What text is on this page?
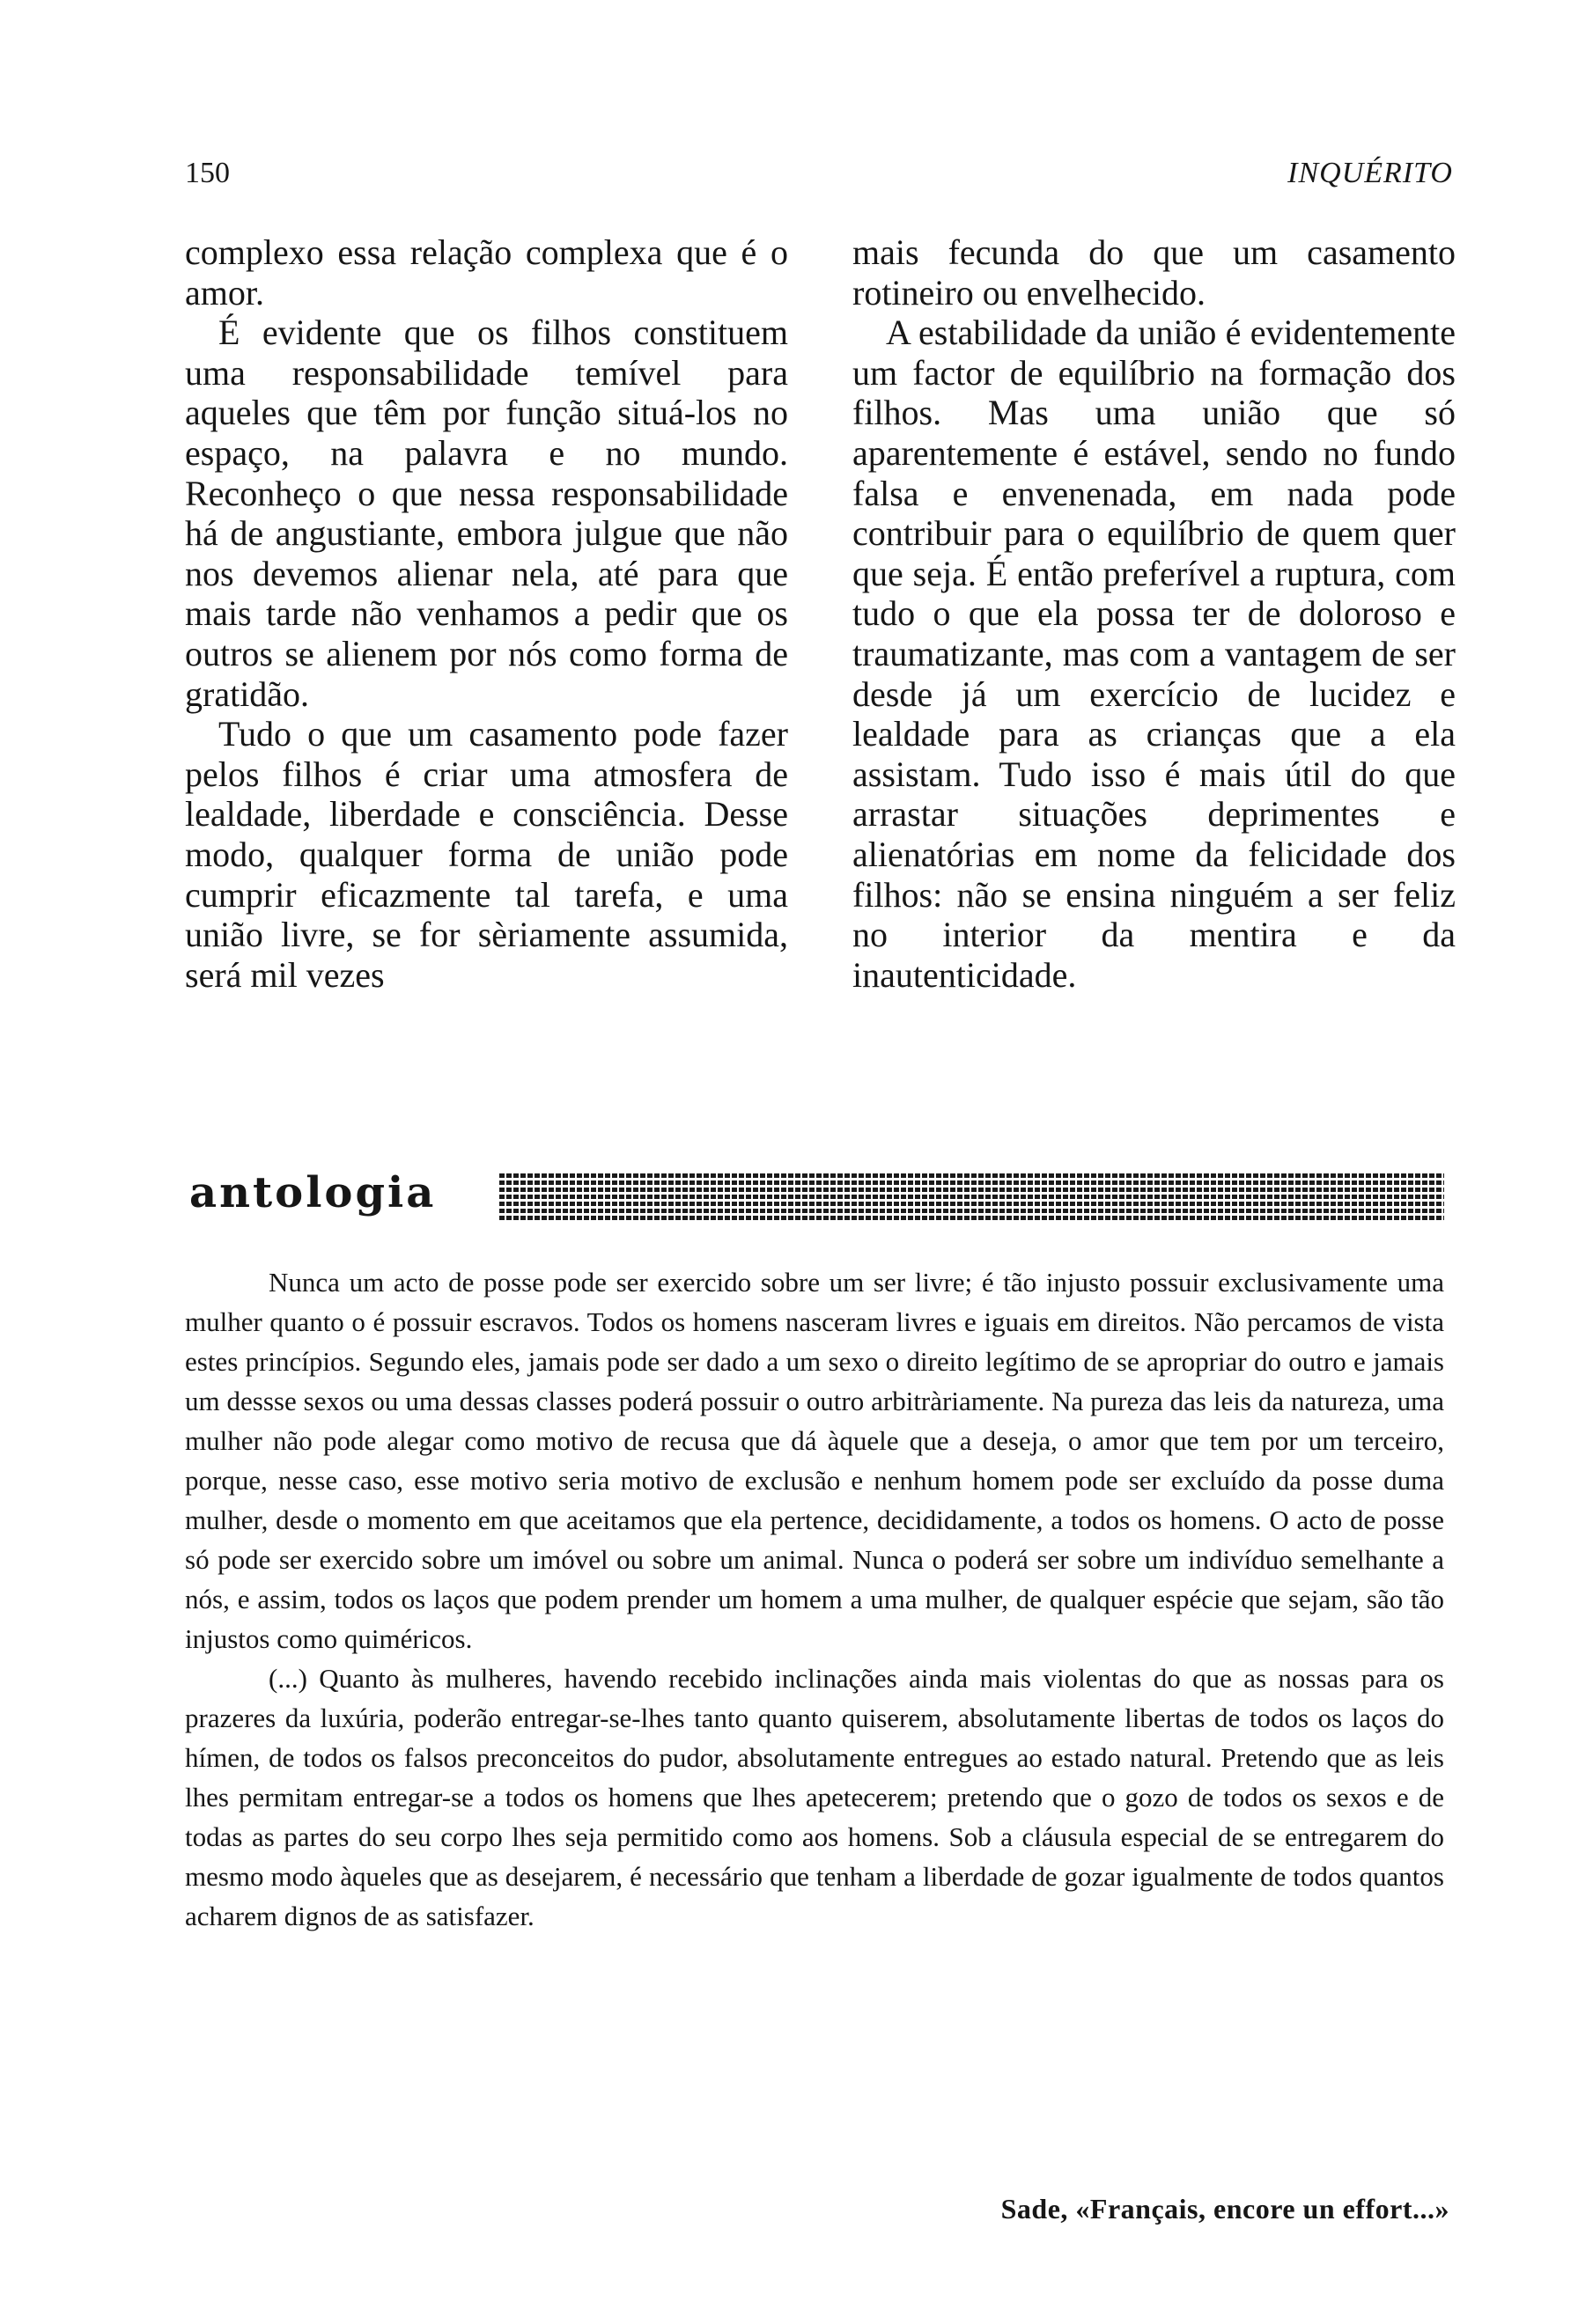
150	INQUÉRITO

complexo essa relação complexa que é o amor.

É evidente que os filhos constituem uma responsabilidade temível para aqueles que têm por função situá-los no espaço, na palavra e no mundo. Reconheço o que nessa responsabilidade há de angustiante, embora julgue que não nos devemos alienar nela, até para que mais tarde não venhamos a pedir que os outros se alienem por nós como forma de gratidão.

Tudo o que um casamento pode fazer pelos filhos é criar uma atmosfera de lealdade, liberdade e consciência. Desse modo, qualquer forma de união pode cumprir eficazmente tal tarefa, e uma união livre, se for sèriamente assumida, será mil vezes

mais fecunda do que um casamento rotineiro ou envelhecido.

A estabilidade da união é evidentemente um factor de equilíbrio na formação dos filhos. Mas uma união que só aparentemente é estável, sendo no fundo falsa e envenenada, em nada pode contribuir para o equilíbrio de quem quer que seja. É então preferível a ruptura, com tudo o que ela possa ter de doloroso e traumatizante, mas com a vantagem de ser desde já um exercício de lucidez e lealdade para as crianças que a ela assistam. Tudo isso é mais útil do que arrastar situações deprimentes e alienatórias em nome da felicidade dos filhos: não se ensina ninguém a ser feliz no interior da mentira e da inautenticidade.

antologia

Nunca um acto de posse pode ser exercido sobre um ser livre; é tão injusto possuir exclusivamente uma mulher quanto o é possuir escravos. Todos os homens nasceram livres e iguais em direitos. Não percamos de vista estes princípios. Segundo eles, jamais pode ser dado a um sexo o direito legítimo de se apropriar do outro e jamais um dessse sexos ou uma dessas classes poderá possuir o outro arbitràriamente. Na pureza das leis da natureza, uma mulher não pode alegar como motivo de recusa que dá àquele que a deseja, o amor que tem por um terceiro, porque, nesse caso, esse motivo seria motivo de exclusão e nenhum homem pode ser excluído da posse duma mulher, desde o momento em que aceitamos que ela pertence, decididamente, a todos os homens. O acto de posse só pode ser exercido sobre um imóvel ou sobre um animal. Nunca o poderá ser sobre um indivíduo semelhante a nós, e assim, todos os laços que podem prender um homem a uma mulher, de qualquer espécie que sejam, são tão injustos como quiméricos.

(...) Quanto às mulheres, havendo recebido inclinações ainda mais violentas do que as nossas para os prazeres da luxúria, poderão entregar-se-lhes tanto quanto quiserem, absolutamente libertas de todos os laços do hímen, de todos os falsos preconceitos do pudor, absolutamente entregues ao estado natural. Pretendo que as leis lhes permitam entregar-se a todos os homens que lhes apetecerem; pretendo que o gozo de todos os sexos e de todas as partes do seu corpo lhes seja permitido como aos homens. Sob a cláusula especial de se entregarem do mesmo modo àqueles que as desejarem, é necessário que tenham a liberdade de gozar igualmente de todos quantos acharem dignos de as satisfazer.

Sade, «Français, encore un effort...»
